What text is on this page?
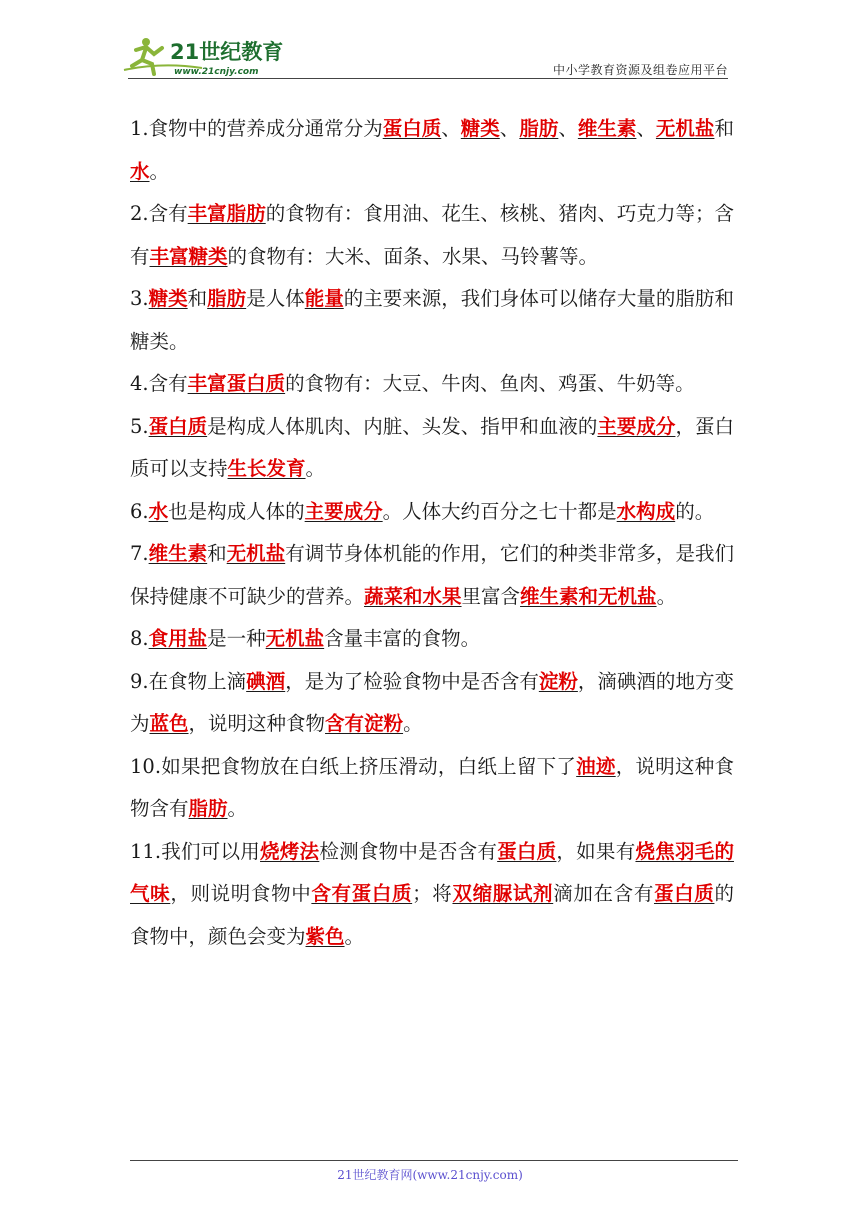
21世纪教育
www.21cnjy.com	中小学教育资源及组卷应用平台

1.食物中的营养成分通常分为蛋白质、糖类、脂肪、维生素、无机盐和水。

2.含有丰富脂肪的食物有：食用油、花生、核桃、猪肉、巧克力等；含有丰富糖类的食物有：大米、面条、水果、马铃薯等。

3.糖类和脂肪是人体能量的主要来源，我们身体可以储存大量的脂肪和糖类。

4.含有丰富蛋白质的食物有：大豆、牛肉、鱼肉、鸡蛋、牛奶等。

5.蛋白质是构成人体肌肉、内脏、头发、指甲和血液的主要成分，蛋白质可以支持生长发育。

6.水也是构成人体的主要成分。人体大约百分之七十都是水构成的。

7.维生素和无机盐有调节身体机能的作用，它们的种类非常多，是我们保持健康不可缺少的营养。蔬菜和水果里富含维生素和无机盐。

8.食用盐是一种无机盐含量丰富的食物。

9.在食物上滴碘酒，是为了检验食物中是否含有淀粉，滴碘酒的地方变为蓝色，说明这种食物含有淀粉。

10.如果把食物放在白纸上挤压滑动，白纸上留下了油迹，说明这种食物含有脂肪。

11.我们可以用烧烤法检测食物中是否含有蛋白质，如果有烧焦羽毛的气味，则说明食物中含有蛋白质；将双缩脲试剂滴加在含有蛋白质的食物中，颜色会变为紫色。

21世纪教育网(www.21cnjy.com)
